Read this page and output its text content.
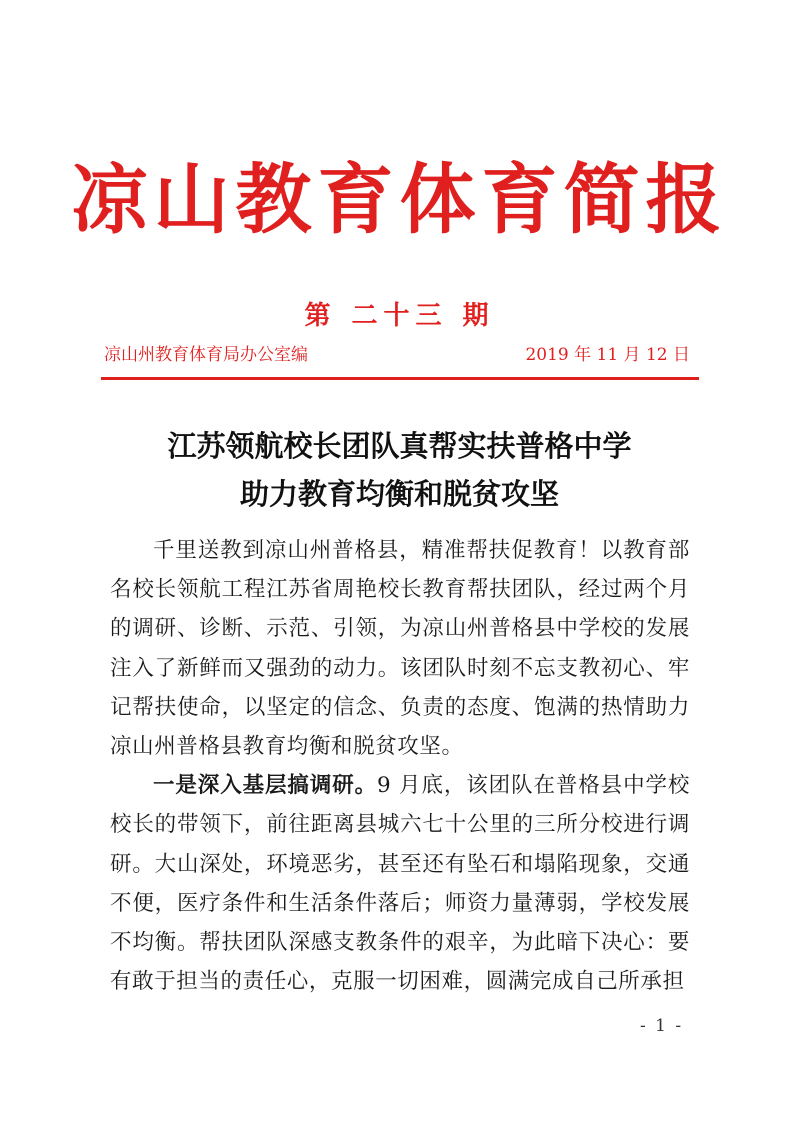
凉山教育体育简报
第 二十三 期
凉山州教育体育局办公室编	2019 年 11 月 12 日
江苏领航校长团队真帮实扶普格中学
助力教育均衡和脱贫攻坚

千里送教到凉山州普格县，精准帮扶促教育！以教育部名校长领航工程江苏省周艳校长教育帮扶团队，经过两个月的调研、诊断、示范、引领，为凉山州普格县中学校的发展注入了新鲜而又强劲的动力。该团队时刻不忘支教初心、牢记帮扶使命，以坚定的信念、负责的态度、饱满的热情助力凉山州普格县教育均衡和脱贫攻坚。

一是深入基层搞调研。9 月底，该团队在普格县中学校校长的带领下，前往距离县城六七十公里的三所分校进行调研。大山深处，环境恶劣，甚至还有坠石和塌陷现象，交通不便，医疗条件和生活条件落后；师资力量薄弱，学校发展不均衡。帮扶团队深感支教条件的艰辛，为此暗下决心：要有敢于担当的责任心，克服一切困难，圆满完成自己所承担

- 1 -
